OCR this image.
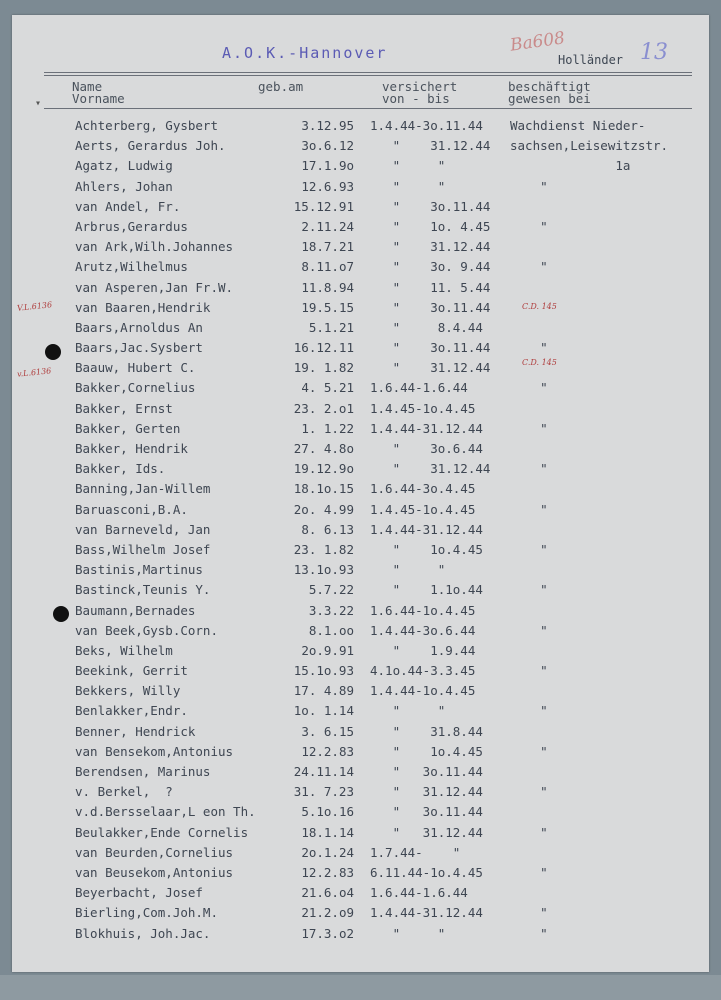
A.O.K.-Hannover	Ba608
Holländer 13
▾
Name
Vorname
geb.am	versichert
von - bis
beschäftigt
gewesen bei
Achterberg, Gysbert	3.12.95 1.4.44-3o.11.44 Wachdienst Nieder-
Aerts, Gerardus Joh.	3o.6.12 "    31.12.44 sachsen,Leisewitzstr.
Agatz, Ludwig	17.1.9o "     "	1a
Ahlers, Johan	12.6.93 "     "	"
van Andel, Fr.	15.12.91 "    3o.11.44
Arbrus,Gerardus	2.11.24 "    1o. 4.45 "
van Ark,Wilh.Johannes	18.7.21 "    31.12.44
Arutz,Wilhelmus	8.11.o7 "    3o. 9.44 "
van Asperen,Jan Fr.W.	11.8.94 "    11. 5.44
van Baaren,Hendrik	19.5.15 "    3o.11.44
Baars,Arnoldus An	5.1.21 "     8.4.44
Baars,Jac.Sysbert	16.12.11 "    3o.11.44 "
Baauw, Hubert C.	19. 1.82 "    31.12.44
Bakker,Cornelius	4. 5.21 1.6.44-1.6.44	"
Bakker, Ernst	23. 2.o1 1.4.45-1o.4.45
Bakker, Gerten	1. 1.22 1.4.44-31.12.44 "
Bakker, Hendrik	27. 4.8o "    3o.6.44
Bakker, Ids.	19.12.9o "    31.12.44 "
Banning,Jan-Willem	18.1o.15 1.6.44-3o.4.45
Baruasconi,B.A.	2o. 4.99 1.4.45-1o.4.45	"
van Barneveld, Jan	8. 6.13 1.4.44-31.12.44
Bass,Wilhelm Josef	23. 1.82 "    1o.4.45 "
Bastinis,Martinus	13.1o.93 "     "
Bastinck,Teunis Y.	5.7.22 "    1.1o.44 "
Baumann,Bernades	3.3.22 1.6.44-1o.4.45
van Beek,Gysb.Corn.	8.1.oo 1.4.44-3o.6.44	"
Beks, Wilhelm	2o.9.91 "    1.9.44
Beekink, Gerrit	15.1o.93 4.1o.44-3.3.45	"
Bekkers, Willy	17. 4.89 1.4.44-1o.4.45
Benlakker,Endr.	1o. 1.14 "     "	"
Benner, Hendrick	3. 6.15 "    31.8.44
van Bensekom,Antonius	12.2.83 "    1o.4.45 "
Berendsen, Marinus	24.11.14 "   3o.11.44
v. Berkel,  ?	31. 7.23 "   31.12.44 "
v.d.Bersselaar,L eon Th.	5.1o.16 "   3o.11.44
Beulakker,Ende Cornelis	18.1.14 "   31.12.44 "
van Beurden,Cornelius	2o.1.24 1.7.44-    "
van Beusekom,Antonius	12.2.83 6.11.44-1o.4.45 "
Beyerbacht, Josef	21.6.o4 1.6.44-1.6.44
Bierling,Com.Joh.M.	21.2.o9 1.4.44-31.12.44 "
Blokhuis, Joh.Jac.	17.3.o2 "     "	"
V.L.6136
v.L.6136
C.D. 145
C.D. 145
